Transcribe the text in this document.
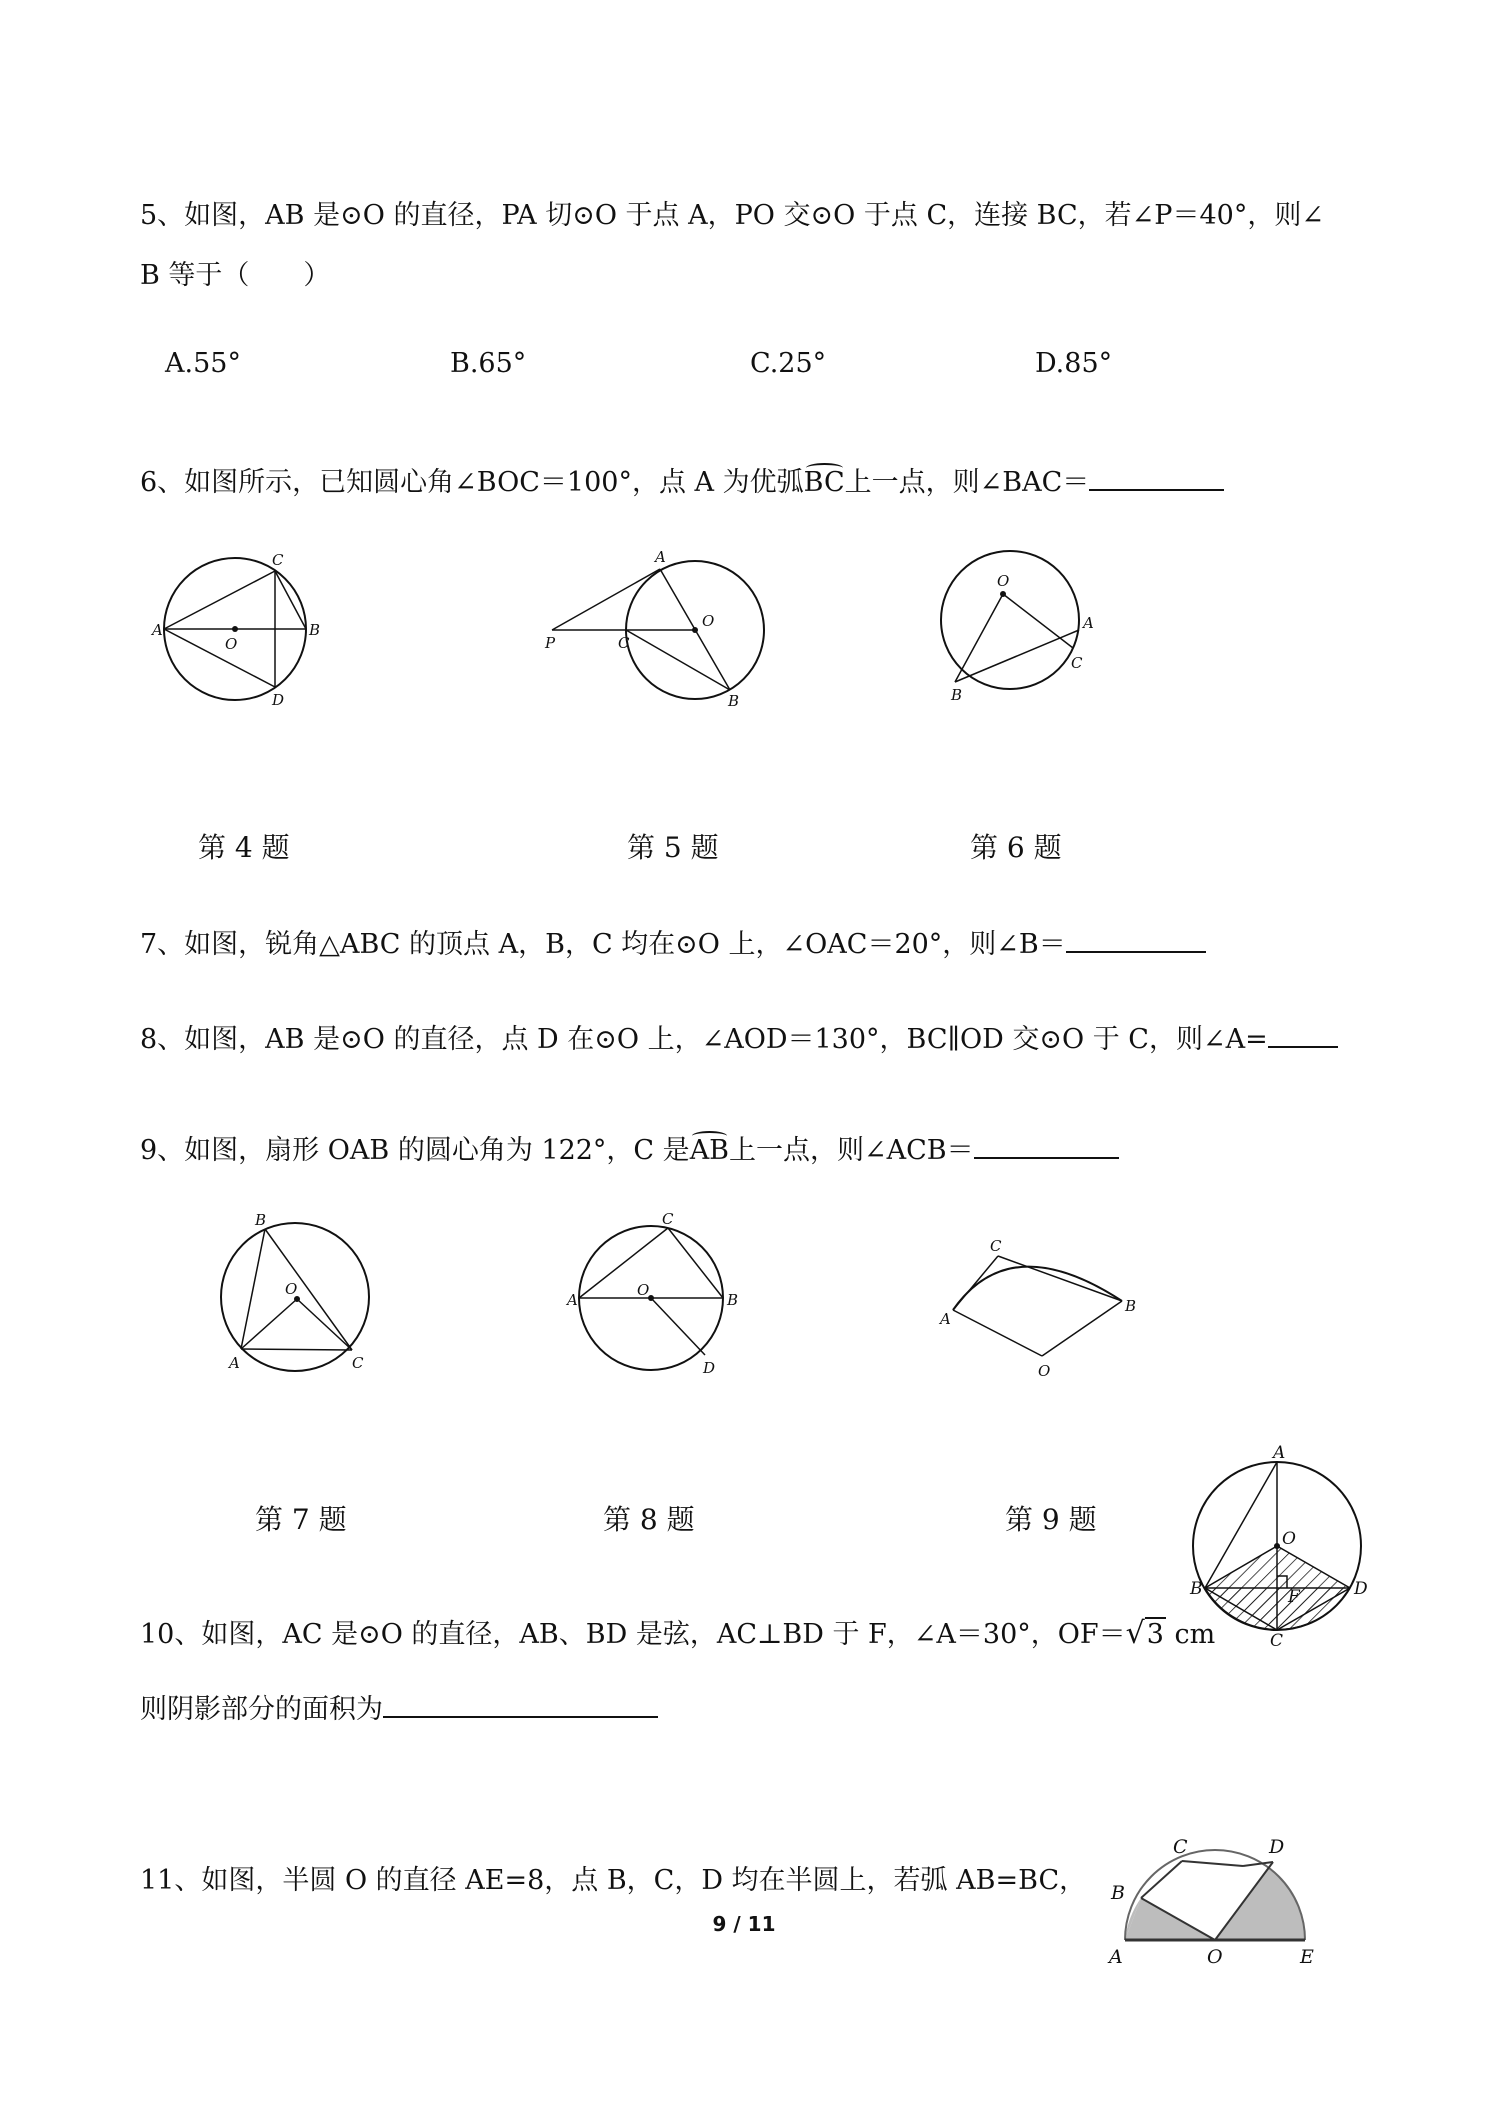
5、如图，AB 是⊙O 的直径，PA 切⊙O 于点 A，PO 交⊙O 于点 C，连接 BC，若∠P＝40°，则∠
B 等于（　　）
A.55°	B.65°	C.25°	D.85°
6、如图所示，已知圆心角∠BOC＝100°，点 A 为优弧BC上一点，则∠BAC＝
A	B
C
D
O
A
B
C
O
P
O
A
B
C
第 4 题	第 5 题	第 6 题
7、如图，锐角△ABC 的顶点 A，B，C 均在⊙O 上，∠OAC＝20°，则∠B＝
8、如图，AB 是⊙O 的直径，点 D 在⊙O 上，∠AOD＝130°，BC∥OD 交⊙O 于 C，则∠A=
9、如图，扇形 OAB 的圆心角为 122°，C 是AB上一点，则∠ACB＝
B
O
A	C
C
A
O
B
D
C
A
B
O
第 7 题	第 8 题	第 9 题
A
O
B	F	D
C
10、如图，AC 是⊙O 的直径，AB、BD 是弦，AC⊥BD 于 F，∠A＝30°，OF＝√3 cm
则阴影部分的面积为
11、如图，半圆 O 的直径 AE=8，点 B，C，D 均在半圆上，若弧 AB=BC，
C	D
B
A	O	E
9 / 11
